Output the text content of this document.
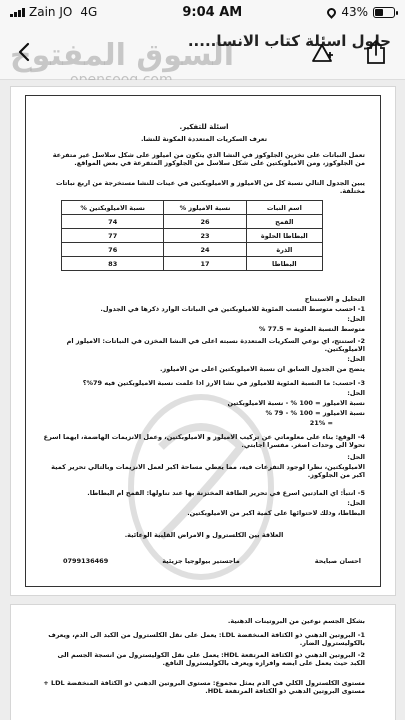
Zain JO 4G	9:04 AM	43%
السوق المفتوح
حلول اسئلة كتاب الانسا.....
اسئلة للتفكير.
تعرف السكريات المتعددة المكونة للنشا.
تعمل النباتات على تخزين الجلوكوز في النشا الذي يتكون من اميلوز على شكل سلاسل غير متفرعة من الجلوكوز، ومن الاميلوبكتين على شكل سلاسل من الجلوكوز المتفرعة في بعض المواقع.
يبين الجدول التالي نسبة كل من الاميلوز و الاميلوبكتين في عينات للنشا مستخرجة من اربع نباتات مختلفة.
اسم النبات	نسبة الاميلوز %	نسبة الاميلوبكتين %
القمح	26	74
البطاطا الحلوة	23	77
الذرة	24	76
البطاطا	17	83
التحليل و الاستنتاج
1- احسب متوسط النسب المئوية للاميلوبكتين في النباتات الوارد ذكرها في الجدول.
الحل:
متوسط النسبة المئوية = 77.5 %
2- استنتج، اي نوعي السكريات المتعددة نسبته اعلى في النشا المخزن في النباتات: الاميلوز ام الاميلوبكتين.
الحل:
يتضح من الجدول السابق ان نسبة الاميلوبكتين اعلى من الاميلوز.
3- احسب: ما النسبة المئوية للاميلوز في نشا الارز اذا علمت نسبة الاميلوبكتين فيه 79%؟
الحل:
نسبة الاميلوز = 100 % - نسبة الاميلوبكتين
نسبة الاميلوز = 100 % - 79 %
= 21%
4- الوقع: بناء على معلوماتي عن تركيب الاميلوز و الاميلوبكتين، وعمل الانزيمات الهاضمة، ايهما اسرع تحولا الى وحدات اصغر. مفسرا اجابتي.
الحل:
الاميلوبكتين، نظرا لوجود التفرعات فيه، مما يعطي مساحة اكبر لعمل الانزيمات وبالتالي تحرير كمية اكبر من الجلوكوز.
5- انتبأ: اي المادتين اسرع في تحرير الطاقة المختزنة بها عند تناولها: القمح ام البطاطا.
الحل:
البطاطا، وذلك لاحتوائها على كمية اكبر من الاميلوبكتين.
العلاقة بين الكلسترول و الامراض القلبية الوعائية.
0799136469	ماجستير بيولوجيا جزيئية	احسان صبايحة
بشكل الجسم نوعين من البروتينات الدهنية.
1- البروتين الدهني ذو الكثافة المنخفضة LDL: يعمل على نقل الكلسترول من الكبد الى الدم، ويعرف بالكوليسترول الضار.
2- البروتين الدهني ذو الكثافة المرتفعة HDL: يعمل على نقل الكوليسترول من انسجة الجسم الى الكبد حيث يعمل على ايضه وافرازه ويعرف بالكوليسترول النافع.
مستوى الكلسترول الكلي في الدم يمثل مجموع: مستوى البروتين الدهني ذو الكثافة المنخفضة LDL + مستوى البروتين الدهني ذو الكثافة المرتفعة HDL.
